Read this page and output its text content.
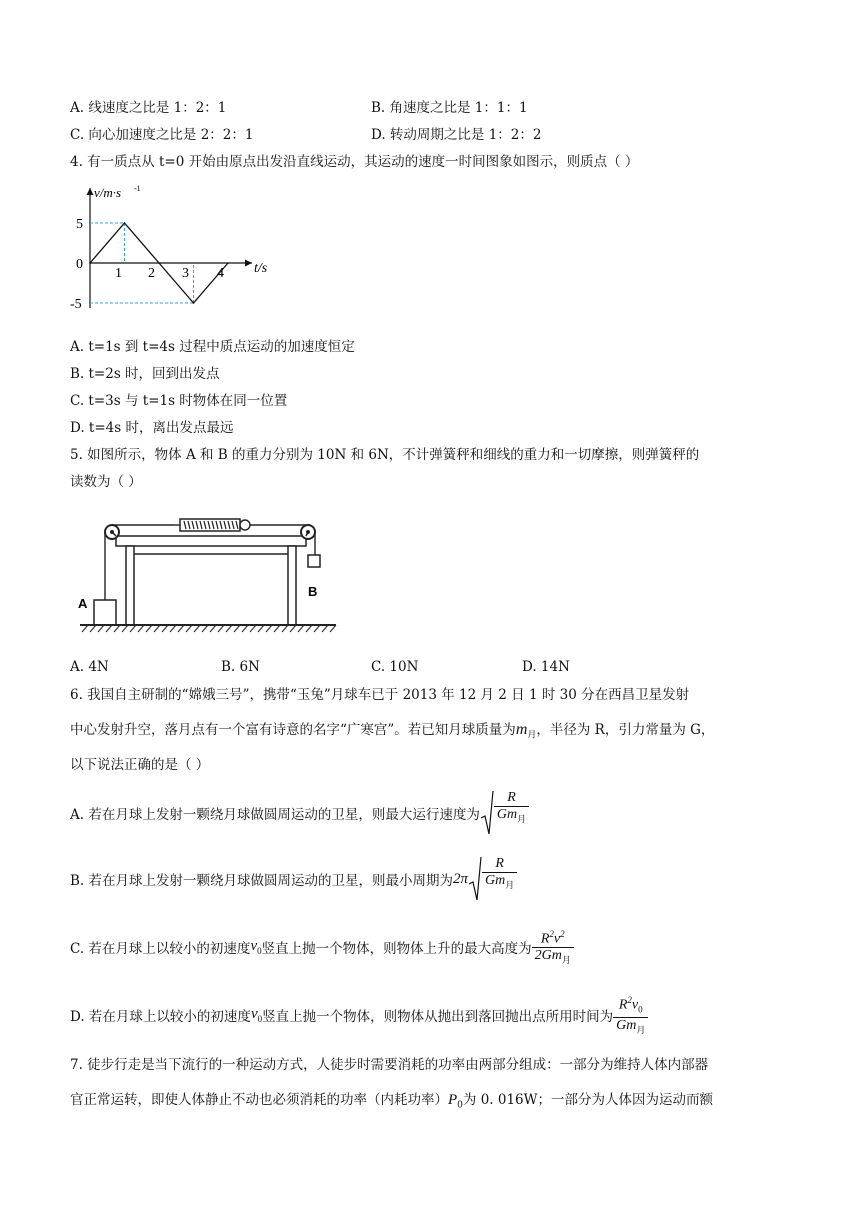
A. 线速度之比是 1：2：1	B. 角速度之比是 1：1：1
C. 向心加速度之比是 2：2：1	D. 转动周期之比是 1：2：2
4. 有一质点从 t=0 开始由原点出发沿直线运动，其运动的速度一时间图象如图示，则质点（ ）
v/m·s -1
t/s
5
0
-5
1 2 3 4
A. t=1s 到 t=4s 过程中质点运动的加速度恒定
B. t=2s 时，回到出发点
C. t=3s 与 t=1s 时物体在同一位置
D. t=4s 时，离出发点最远
5. 如图所示，物体 A 和 B 的重力分别为 10N 和 6N，不计弹簧秤和细线的重力和一切摩擦，则弹簧秤的
读数为（ ）
A
B
A. 4N	B. 6N	C. 10N	D. 14N
6. 我国自主研制的“嫦娥三号”，携带“玉兔”月球车已于 2013 年 12 月 2 日 1 时 30 分在西昌卫星发射
中心发射升空，落月点有一个富有诗意的名字“广寒宫”。若已知月球质量为$m_月$，半径为 R，引力常量为 G，
以下说法正确的是（ ）
A. 若在月球上发射一颗绕月球做圆周运动的卫星，则最大运行速度为 $\frac{R}{Gm_月}$
B. 若在月球上发射一颗绕月球做圆周运动的卫星，则最小周期为 $2\pi \frac{R}{Gm_月}$
C. 若在月球上以较小的初速度 $v_0$ 竖直上抛一个物体，则物体上升的最大高度为 $\frac{R^2v^2}{2Gm_月}$
D. 若在月球上以较小的初速度 $v_0$ 竖直上抛一个物体，则物体从抛出到落回抛出点所用时间为 $\frac{R^2v_0}{Gm_月}$
7. 徒步行走是当下流行的一种运动方式，人徒步时需要消耗的功率由两部分组成：一部分为维持人体内部器
官正常运转，即使人体静止不动也必须消耗的功率（内耗功率）$P_0$为 0. 016W；一部分为人体因为运动而额
